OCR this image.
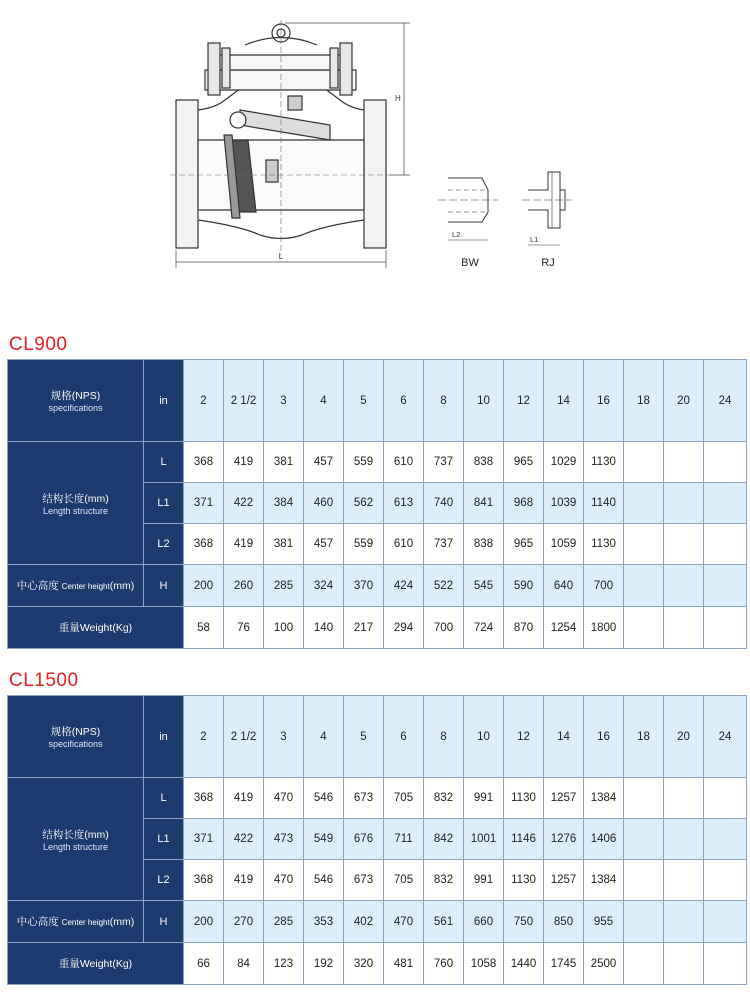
L
H
L2
BW
L1
RJ
CL900
规格(NPS)
specifications	in	2	2 1/2	3	4	5	6	8	10	12	14	16	18	20	24

结构长度(mm)
Length structure	L	368	419	381	457	559	610	737	838	965	1029	1130			
	L1	371	422	384	460	562	613	740	841	968	1039	1140			
	L2	368	419	381	457	559	610	737	838	965	1059	1130			
中心高度 Center height(mm)	H	200	260	285	324	370	424	522	545	590	640	700			
重量Weight(Kg)		58	76	100	140	217	294	700	724	870	1254	1800			
CL1500
规格(NPS)
specifications	in	2	2 1/2	3	4	5	6	8	10	12	14	16	18	20	24

结构长度(mm)
Length structure	L	368	419	470	546	673	705	832	991	1130	1257	1384			
	L1	371	422	473	549	676	711	842	1001	1146	1276	1406			
	L2	368	419	470	546	673	705	832	991	1130	1257	1384			
中心高度 Center height(mm)	H	200	270	285	353	402	470	561	660	750	850	955			
重量Weight(Kg)		66	84	123	192	320	481	760	1058	1440	1745	2500			
